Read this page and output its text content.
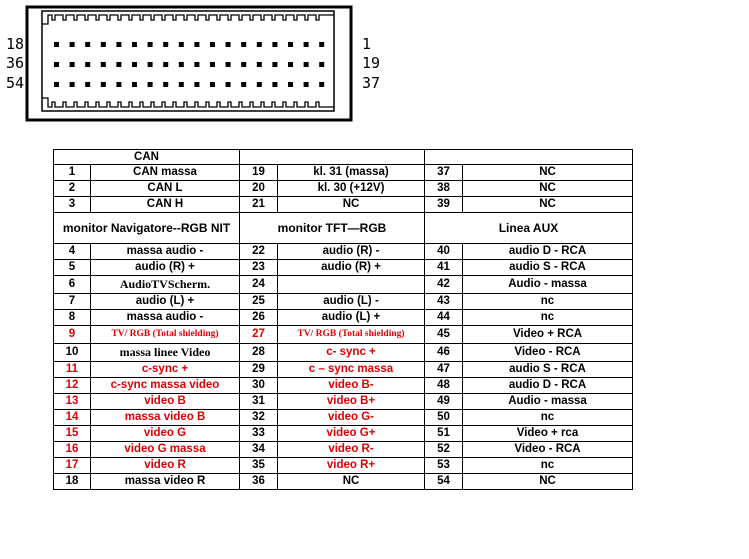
18
36
54
1
19
37
CAN					
1	CAN massa	19	kl. 31 (massa)	37	NC
2	CAN L	20	kl. 30 (+12V)	38	NC
3	CAN H	21	NC	39	NC
monitor Navigatore--RGB NIT		monitor TFT—RGB		Linea AUX	
4	massa audio -	22	audio (R) -	40	audio D - RCA
5	audio (R) +	23	audio (R) +	41	audio S - RCA
6	AudioTVScherm.	24		42	Audio - massa
7	audio (L) +	25	audio (L) -	43	nc
8	massa audio -	26	audio (L) +	44	nc
9	TV/ RGB (Total shielding)	27	TV/ RGB (Total shielding)	45	Video + RCA
10	massa linee Video	28	c- sync +	46	Video - RCA
11	c-sync +	29	c – sync massa	47	audio S - RCA
12	c-sync massa video	30	video B-	48	audio D - RCA
13	video B	31	video B+	49	Audio - massa
14	massa video B	32	video G-	50	nc
15	video G	33	video G+	51	Video + rca
16	video G massa	34	video R-	52	Video - RCA
17	video R	35	video R+	53	nc
18	massa video R	36	NC	54	NC
